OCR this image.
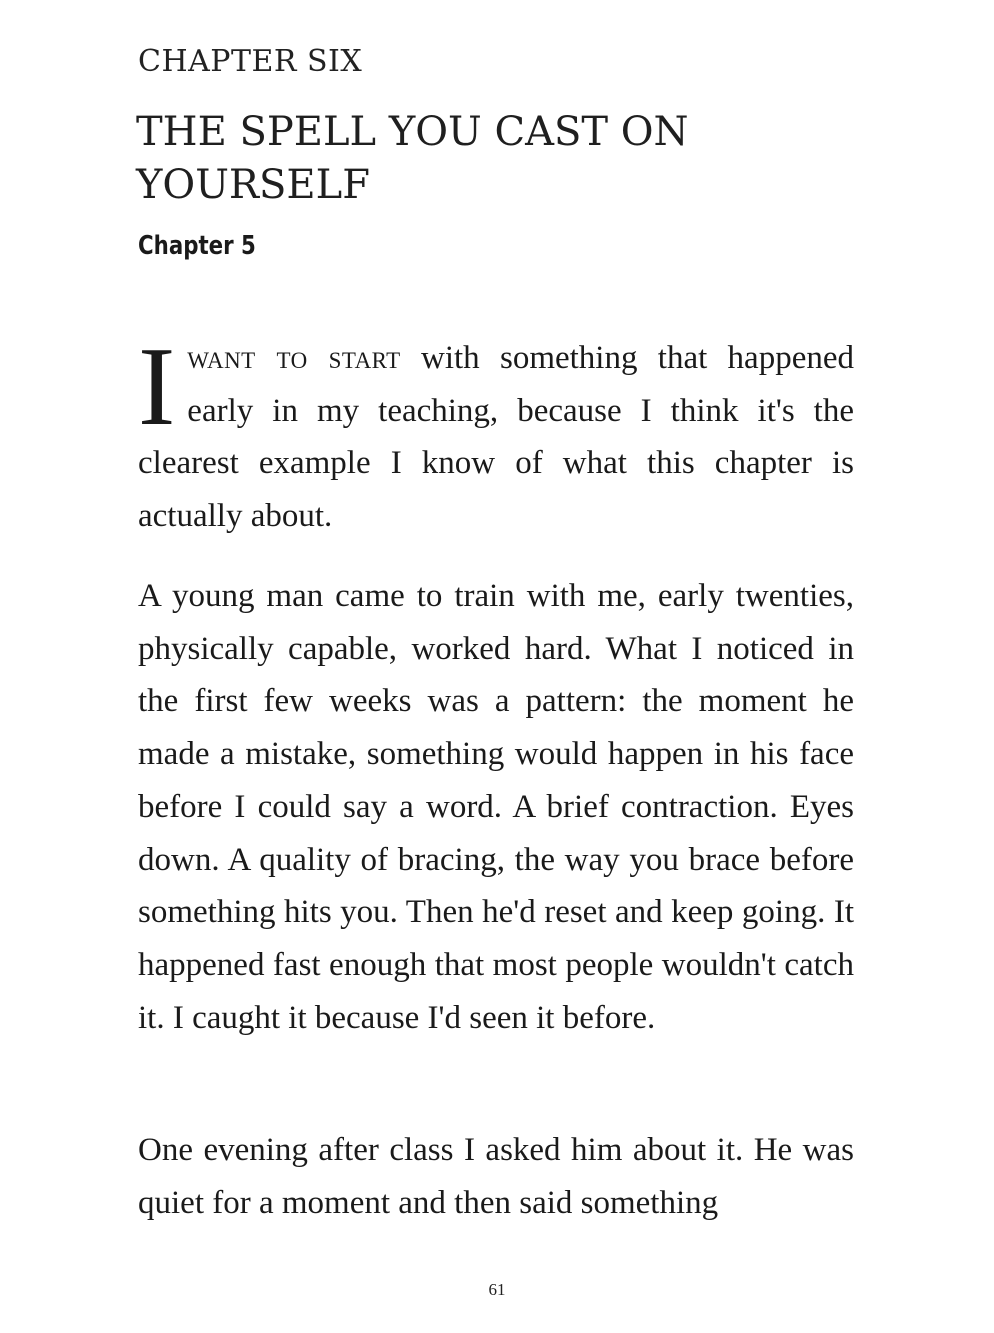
CHAPTER SIX
THE SPELL YOU CAST ON YOURSELF
Chapter 5

Iwant to start with something that happened early in my teaching, because I think it's the clearest example I know of what this chapter is actually about.

A young man came to train with me, early twenties, physically capable, worked hard. What I noticed in the first few weeks was a pattern: the moment he made a mistake, something would happen in his face before I could say a word. A brief contraction. Eyes down. A quality of bracing, the way you brace before something hits you. Then he'd reset and keep going. It happened fast enough that most people wouldn't catch it. I caught it because I'd seen it before.

One evening after class I asked him about it. He was quiet for a moment and then said something

61
